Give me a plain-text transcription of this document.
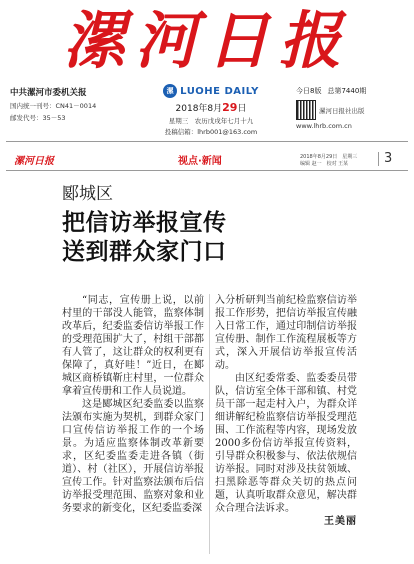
漯河日报
中共漯河市委机关报
国内统一刊号：CN41－0014
邮发代号：35－53
漯 LUOHE DAILY
2018年8月29日
星期三　农历戊戌年七月十九
投稿信箱：lhrb001@163.com
今日8版 总第7440期
漯河日报社出版
www.lhrb.com.cn
漯河日报	视点·新闻	2018年8月29日　星期三
编辑 赵一　校对 王某	3
郾城区
把信访举报宣传
送到群众家门口

“同志，宣传册上说，以前村里的干部没人能管，监察体制改革后，纪委监委信访举报工作的受理范围扩大了，村组干部都有人管了，这让群众的权利更有保障了，真好哇！”近日，在郾城区商桥镇靳庄村里，一位群众拿着宣传册和工作人员说道。

这是郾城区纪委监委以监察法颁布实施为契机，到群众家门口宣传信访举报工作的一个场景。为适应监察体制改革新要求，区纪委监委走进各镇（街道）、村（社区），开展信访举报宣传工作。针对监察法颁布后信访举报受理范围、监察对象和业务要求的新变化，区纪委监委深

入分析研判当前纪检监察信访举报工作形势，把信访举报宣传融入日常工作，通过印制信访举报宣传册、制作工作流程展板等方式，深入开展信访举报宣传活动。

由区纪委常委、监委委员带队，信访室全体干部和镇、村党员干部一起走村入户，为群众详细讲解纪检监察信访举报受理范围、工作流程等内容，现场发放2000多份信访举报宣传资料，引导群众积极参与、依法依规信访举报。同时对涉及扶贫领域、扫黑除恶等群众关切的热点问题，认真听取群众意见，解决群众合理合法诉求。

王美丽
